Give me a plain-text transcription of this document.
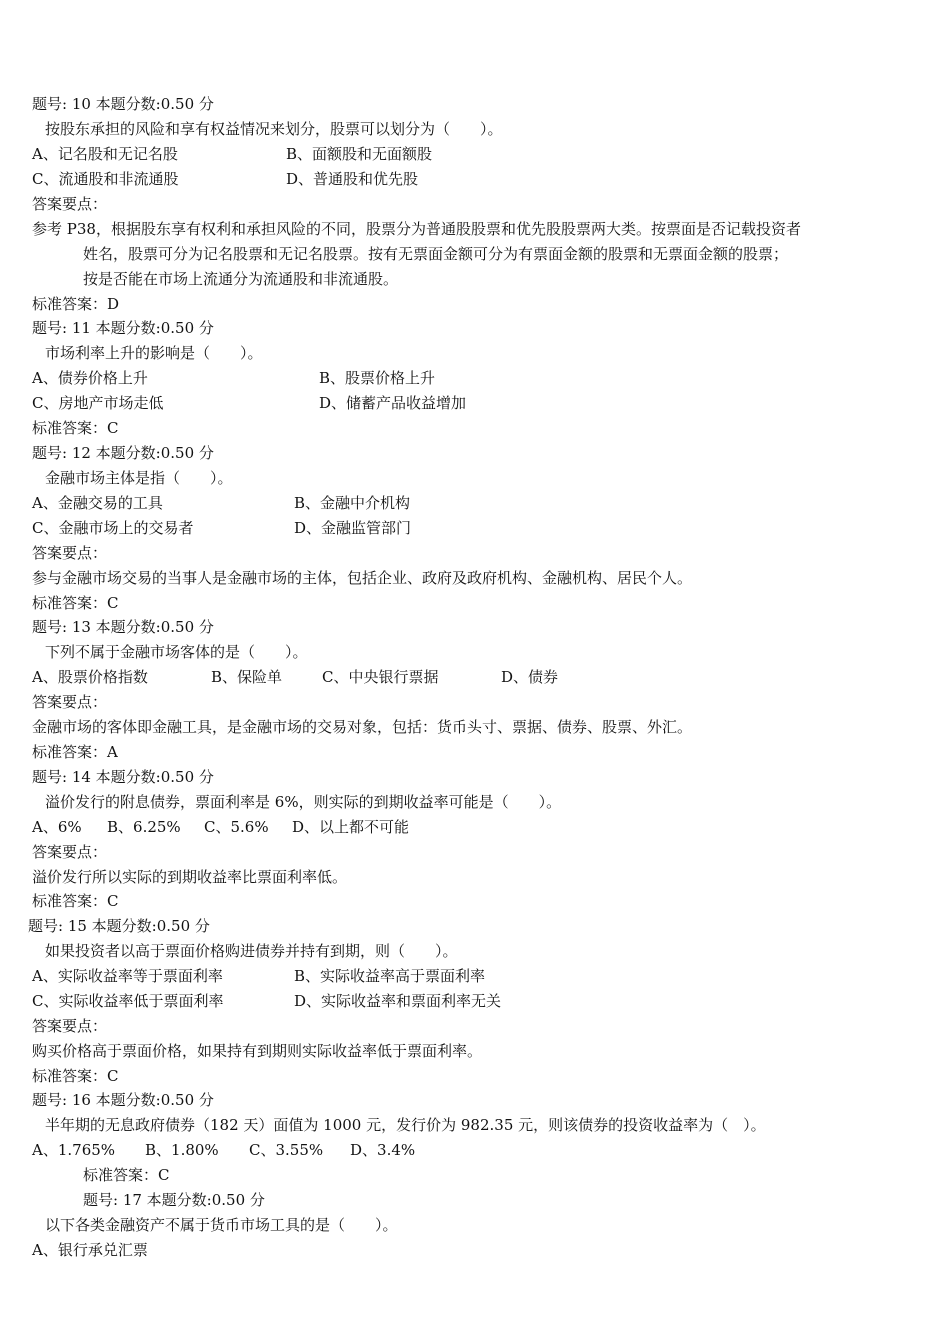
题号: 10 本题分数:0.50 分
按股东承担的风险和享有权益情况来划分，股票可以划分为（　　）。
A、记名股和无记名股	B、面额股和无面额股
C、流通股和非流通股	D、普通股和优先股
答案要点：
参考 P38，根据股东享有权利和承担风险的不同，股票分为普通股股票和优先股股票两大类。按票面是否记载投资者
姓名，股票可分为记名股票和无记名股票。按有无票面金额可分为有票面金额的股票和无票面金额的股票；
按是否能在市场上流通分为流通股和非流通股。
标准答案：D
题号: 11 本题分数:0.50 分
市场利率上升的影响是（　　）。
A、债券价格上升	B、股票价格上升
C、房地产市场走低	D、储蓄产品收益增加
标准答案：C
题号: 12 本题分数:0.50 分
金融市场主体是指（　　）。
A、金融交易的工具	B、金融中介机构
C、金融市场上的交易者	D、金融监管部门
答案要点：
参与金融市场交易的当事人是金融市场的主体，包括企业、政府及政府机构、金融机构、居民个人。
标准答案：C
题号: 13 本题分数:0.50 分
下列不属于金融市场客体的是（　　）。
A、股票价格指数	B、保险单	C、中央银行票据	D、债券
答案要点：
金融市场的客体即金融工具，是金融市场的交易对象，包括：货币头寸、票据、债券、股票、外汇。
标准答案：A
题号: 14 本题分数:0.50 分
溢价发行的附息债券，票面利率是 6%，则实际的到期收益率可能是（　　）。
A、6% B、6.25% C、5.6% D、以上都不可能
答案要点：
溢价发行所以实际的到期收益率比票面利率低。
标准答案：C
题号: 15 本题分数:0.50 分
如果投资者以高于票面价格购进债券并持有到期，则（　　）。
A、实际收益率等于票面利率	B、实际收益率高于票面利率
C、实际收益率低于票面利率	D、实际收益率和票面利率无关
答案要点：
购买价格高于票面价格，如果持有到期则实际收益率低于票面利率。
标准答案：C
题号: 16 本题分数:0.50 分
半年期的无息政府债券（182 天）面值为 1000 元，发行价为 982.35 元，则该债券的投资收益率为（　）。
A、1.765% B、1.80% C、3.55% D、3.4%
标准答案：C
题号: 17 本题分数:0.50 分
以下各类金融资产不属于货币市场工具的是（　　）。
A、银行承兑汇票
